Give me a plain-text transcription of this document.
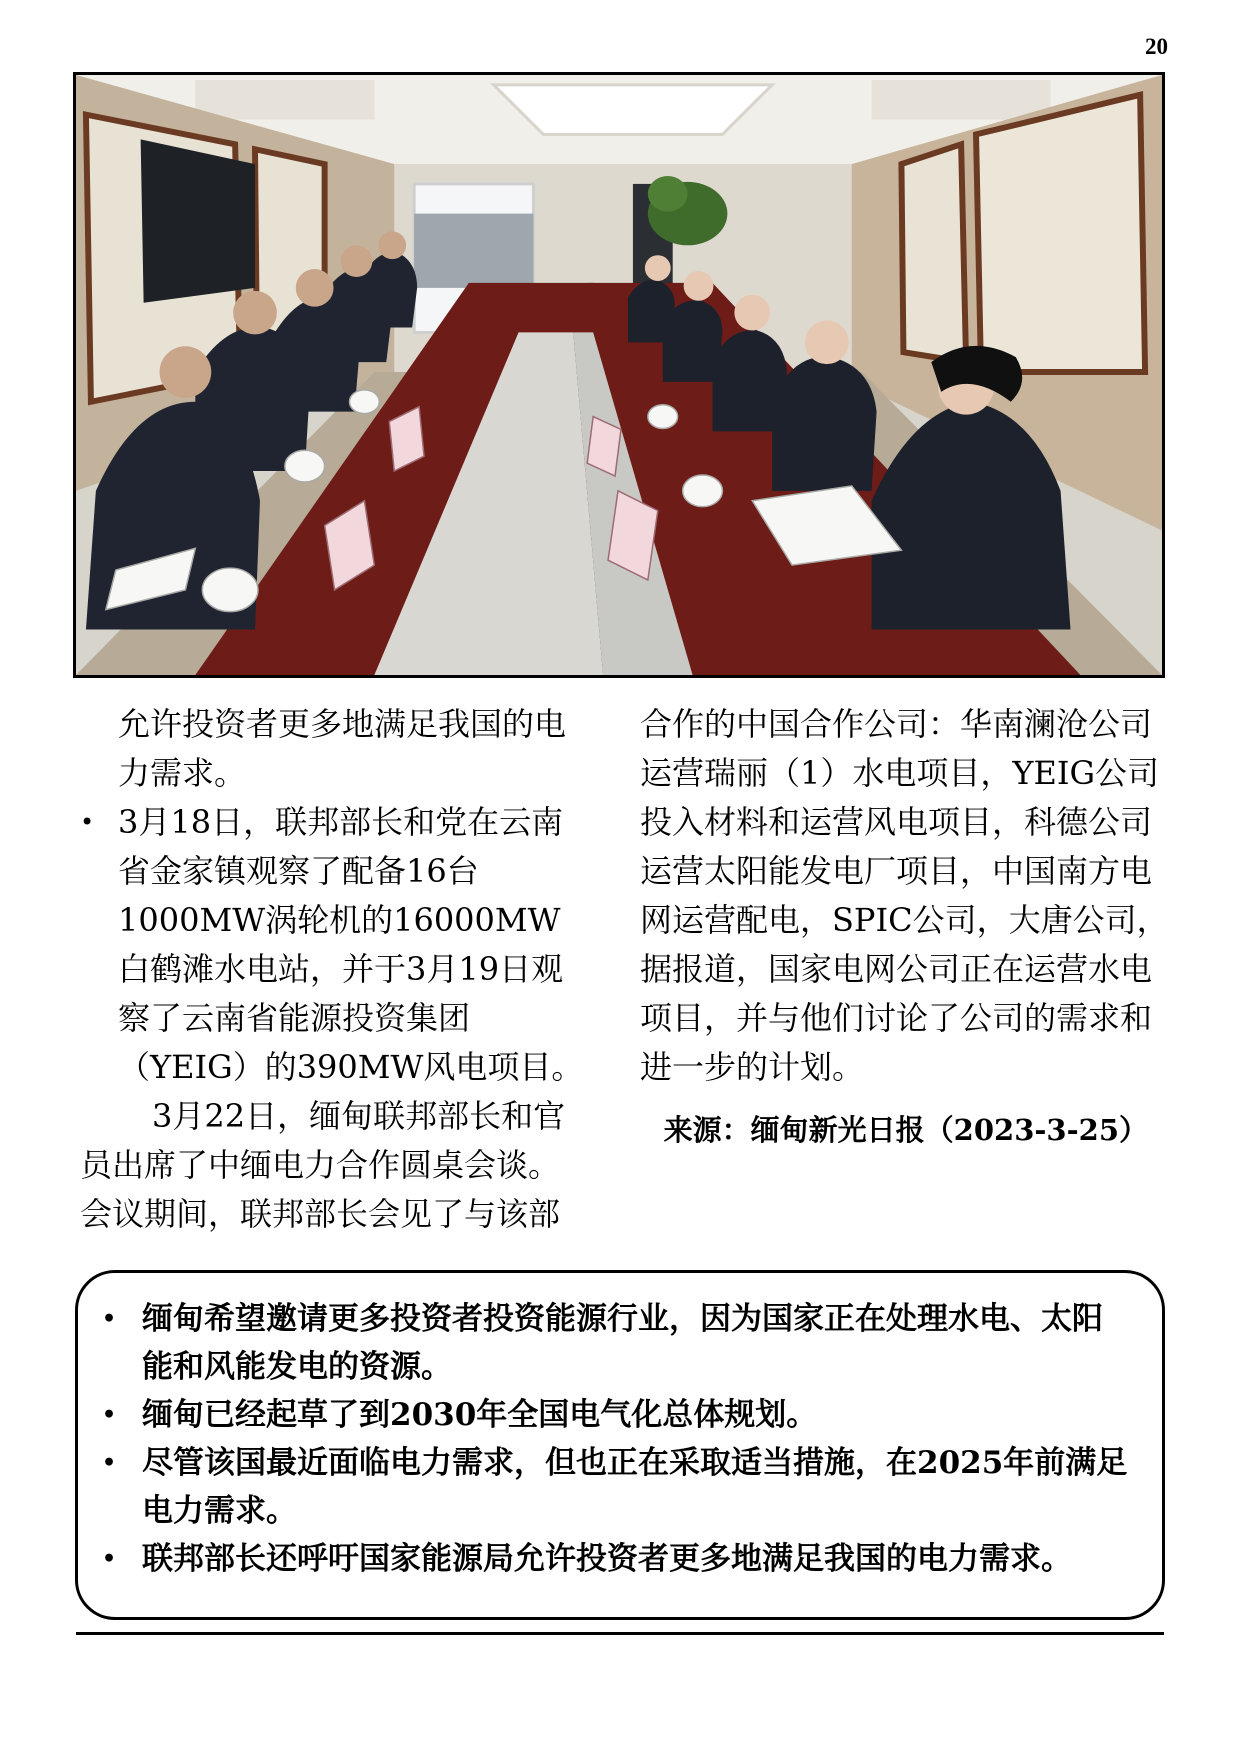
20

允许投资者更多地满足我国的电力需求。

• 3月18日，联邦部长和党在云南省金家镇观察了配备16台1000MW涡轮机的16000MW白鹤滩水电站，并于3月19日观察了云南省能源投资集团（YEIG）的390MW风电项目。

3月22日，缅甸联邦部长和官员出席了中缅电力合作圆桌会谈。会议期间，联邦部长会见了与该部

合作的中国合作公司：华南澜沧公司运营瑞丽（1）水电项目，YEIG公司投入材料和运营风电项目，科德公司运营太阳能发电厂项目，中国南方电网运营配电，SPIC公司，大唐公司，据报道，国家电网公司正在运营水电项目，并与他们讨论了公司的需求和进一步的计划。

来源：缅甸新光日报（2023-3-25）

• 缅甸希望邀请更多投资者投资能源行业，因为国家正在处理水电、太阳能和风能发电的资源。
• 缅甸已经起草了到2030年全国电气化总体规划。
• 尽管该国最近面临电力需求，但也正在采取适当措施，在2025年前满足电力需求。
• 联邦部长还呼吁国家能源局允许投资者更多地满足我国的电力需求。
